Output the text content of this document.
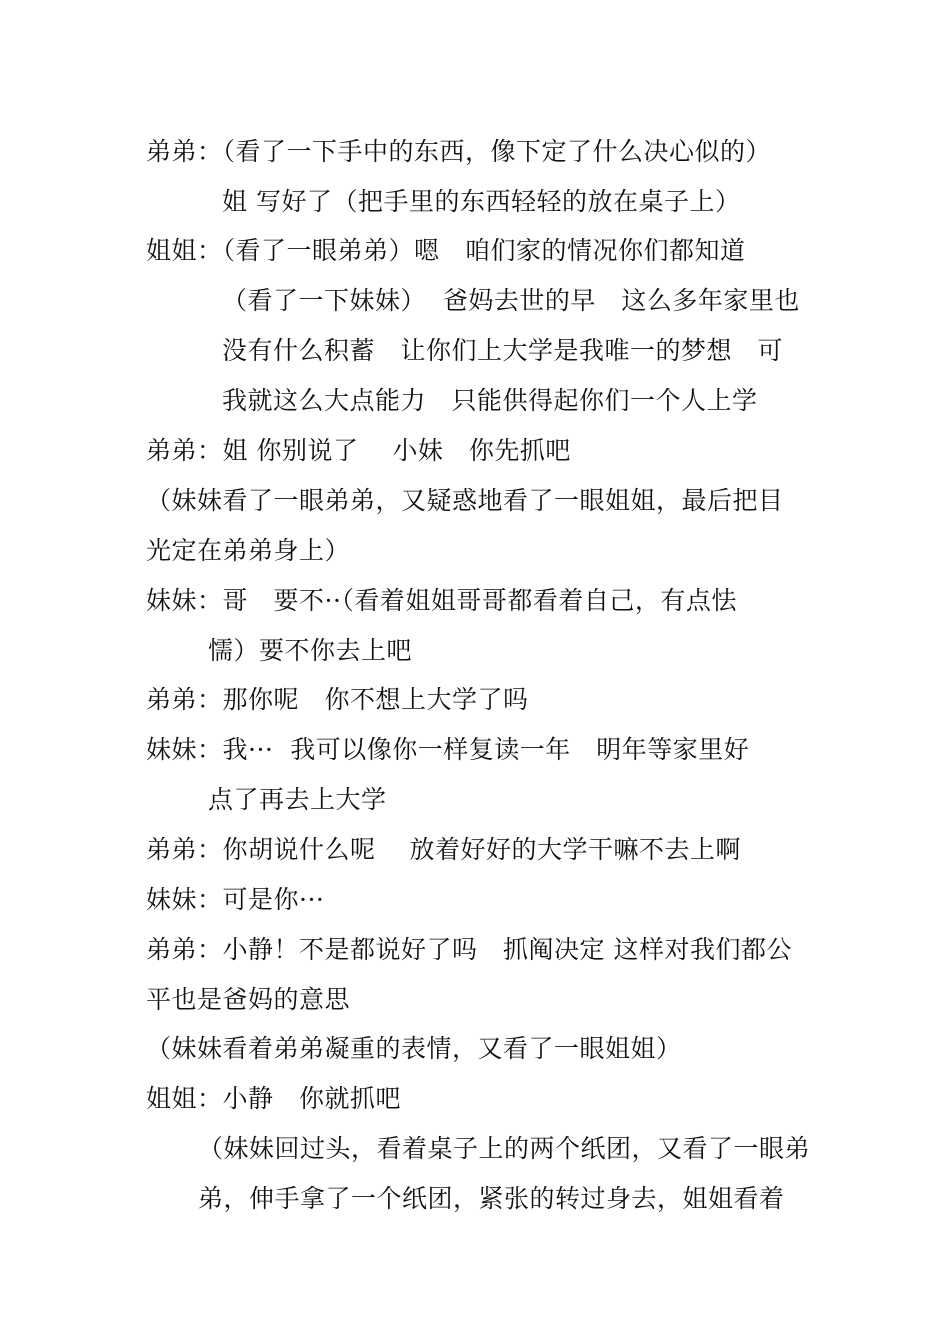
弟弟：（看了一下手中的东西，像下定了什么决心似的）
姐 写好了（把手里的东西轻轻的放在桌子上）
姐姐：（看了一眼弟弟）嗯　咱们家的情况你们都知道
（看了一下妹妹）  爸妈去世的早　这么多年家里也
没有什么积蓄　让你们上大学是我唯一的梦想　可
我就这么大点能力　只能供得起你们一个人上学
弟弟：姐 你别说了　 小妹　你先抓吧
（妹妹看了一眼弟弟，又疑惑地看了一眼姐姐，最后把目
光定在弟弟身上）
妹妹：哥　要不··（看着姐姐哥哥都看着自己，有点怯
懦）要不你去上吧
弟弟：那你呢　你不想上大学了吗
妹妹：我···  我可以像你一样复读一年　明年等家里好
点了再去上大学
弟弟：你胡说什么呢　 放着好好的大学干嘛不去上啊
妹妹：可是你···
弟弟：小静！不是都说好了吗　抓阄决定 这样对我们都公
平也是爸妈的意思
（妹妹看着弟弟凝重的表情，又看了一眼姐姐）
姐姐：小静　你就抓吧
（妹妹回过头，看着桌子上的两个纸团，又看了一眼弟
弟，伸手拿了一个纸团，紧张的转过身去，姐姐看着
